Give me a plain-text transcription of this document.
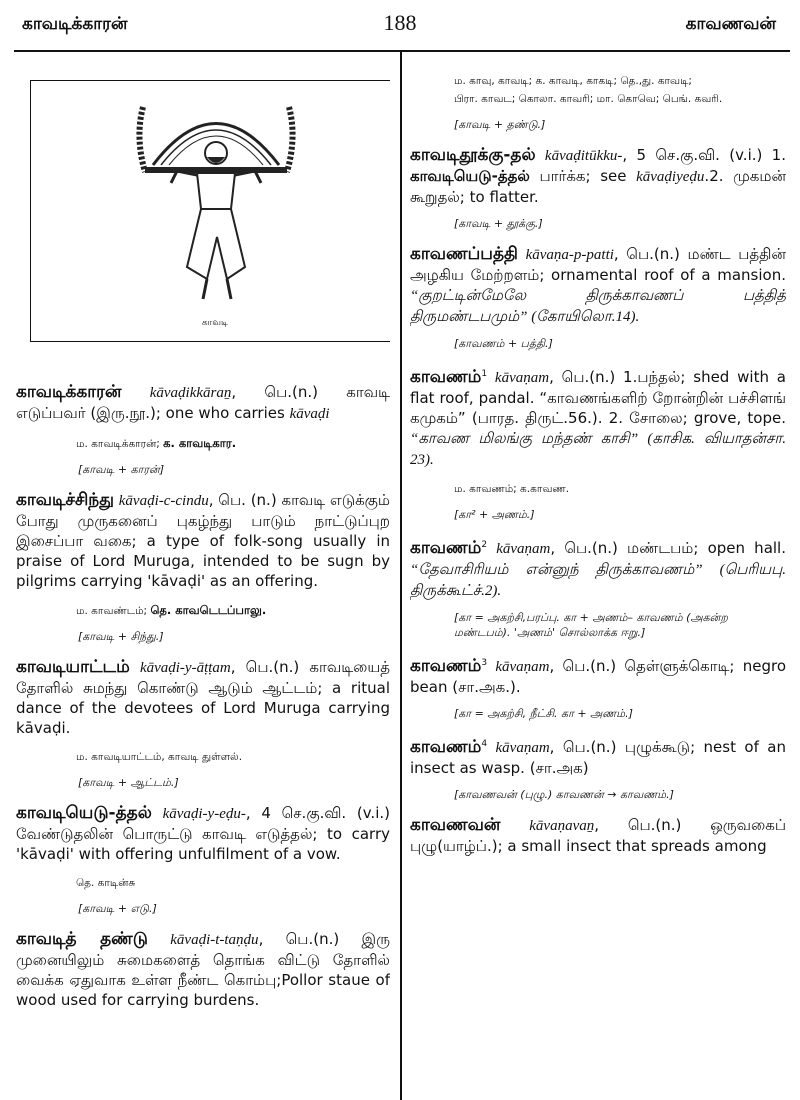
காவடிக்காரன்	188	காவணவன்
காவடி

காவடிக்காரன் kāvaḍikkāraṉ, பெ.(n.) காவடி எடுப்பவர் (இரு.நூ.); one who carries kāvaḍi

ம. காவடிக்காரன்; க. காவடிகார.
[காவடி + காரன்]

காவடிச்சிந்து kāvaḍi-c-cindu, பெ. (n.) காவடி எடுக்கும் போது முருகனைப் புகழ்ந்து பாடும் நாட்டுப்புற இசைப்பா வகை; a type of folk-song usually in praise of Lord Muruga, intended to be sugn by pilgrims carrying 'kāvaḍi' as an offering.

ம. காவண்டம்; தெ. காவடெடப்பாலு.
[காவடி + சிந்து.]

காவடியாட்டம் kāvaḍi-y-āṭṭam, பெ.(n.) காவடியைத் தோளில் சுமந்து கொண்டு ஆடும் ஆட்டம்; a ritual dance of the devotees of Lord Muruga carrying kāvaḍi.

ம. காவடியாட்டம், காவடி துள்ளல்.
[காவடி + ஆட்டம்.]

காவடியெடு-த்தல் kāvaḍi-y-eḍu-, 4 செ.கு.வி. (v.i.) வேண்டுதலின் பொருட்டு காவடி எடுத்தல்; to carry 'kāvaḍi' with offering unfulfilment of a vow.

தெ. காடின்சு
[காவடி + எடு.]

காவடித் தண்டு kāvaḍi-t-taṇḍu, பெ.(n.) இரு முனையிலும் சுமைகளைத் தொங்க விட்டு தோளில் வைக்க ஏதுவாக உள்ள நீண்ட கொம்பு;Pollor staue of wood used for carrying burdens.

ம. காவு, காவடி; க. காவடி, காகடி; தெ.,து. காவடி;
பிரா. காவட; கொலா. காவரி; மா. கொவெ; பெங். கவரி.
[காவடி + தண்டு.]

காவடிதூக்கு-தல் kāvaḍitūkku-, 5 செ.கு.வி. (v.i.) 1. காவடியெடு-த்தல் பார்க்க; see kāvaḍiyeḍu.2. முகமன் கூறுதல்; to flatter.

[காவடி + தூக்கு.]

காவணப்பத்தி kāvaṇa-p-patti, பெ.(n.) மண்ட பத்தின் அழகிய மேற்றளம்; ornamental roof of a mansion. “குறட்டின்மேலே திருக்காவணப் பத்தித் திருமண்டபமும்” (கோயிலொ.14).

[காவணம் + பத்தி.]

காவணம்$^1$ kāvaṇam, பெ.(n.) 1.பந்தல்; shed with a flat roof, pandal. “காவணங்களிற் றோன்றின் பச்சிளங் கமுகம்” (பாரத. திருட்.56.). 2. சோலை; grove, tope. “காவண மிலங்கு மந்தண் காசி” (காசிக. வியாதன்சா. 23).

ம. காவணம்; க.காவண.
[கா² + அணம்.]

காவணம்$^2$ kāvaṇam, பெ.(n.) மண்டபம்; open hall. “தேவாசிரியம் என்னுந் திருக்காவணம்” (பெரியபு. திருக்கூட்ச்.2).

[கா = அகற்சி,பரப்பு. கா + அணம்– காவணம் (அகன்ற மண்டபம்). 'அணம்' சொல்லாக்க ஈறு.]

காவணம்$^3$ kāvaṇam, பெ.(n.) தெள்ளுக்கொடி; negro bean (சா.அக.).

[கா = அகற்சி, நீட்சி. கா + அணம்.]

காவணம்$^4$ kāvaṇam, பெ.(n.) புழுக்கூடு; nest of an insect as wasp. (சா.அக)

[காவணவன் (புழு.) காவணன் → காவணம்.]

காவணவன் kāvaṇavaṉ, பெ.(n.) ஒருவகைப் புழு(யாழ்ப்.); a small insect that spreads among
